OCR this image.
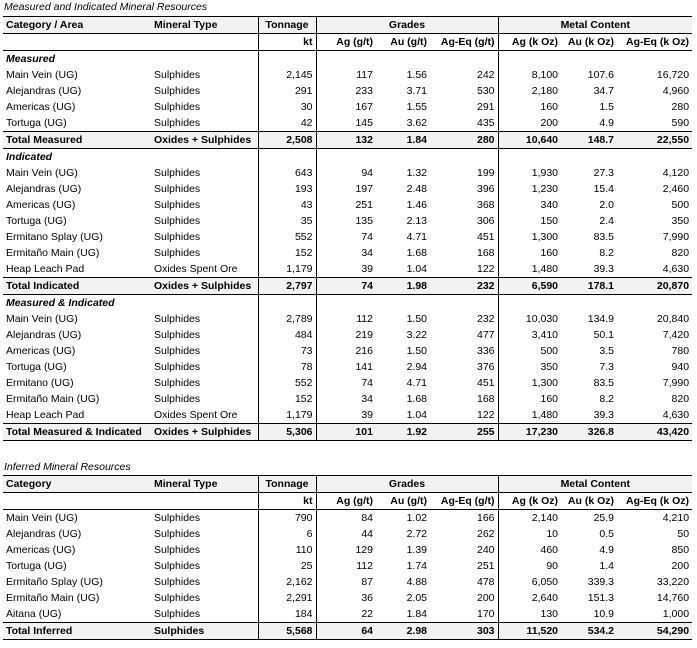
Measured and Indicated Mineral Resources
Category / Area	Mineral Type	Tonnage	Grades			Metal Content		
		kt	Ag (g/t)	Au (g/t)	Ag-Eq (g/t)	Ag (k Oz)	Au (k Oz)	Ag-Eq (k Oz)
Measured								
Main Vein (UG)	Sulphides	2,145	117	1.56	242	8,100	107.6	16,720
Alejandras (UG)	Sulphides	291	233	3.71	530	2,180	34.7	4,960
Americas (UG)	Sulphides	30	167	1.55	291	160	1.5	280
Tortuga (UG)	Sulphides	42	145	3.62	435	200	4.9	590
Total Measured	Oxides + Sulphides	2,508	132	1.84	280	10,640	148.7	22,550
Indicated								
Main Vein (UG)	Sulphides	643	94	1.32	199	1,930	27.3	4,120
Alejandras (UG)	Sulphides	193	197	2.48	396	1,230	15.4	2,460
Americas (UG)	Sulphides	43	251	1.46	368	340	2.0	500
Tortuga (UG)	Sulphides	35	135	2.13	306	150	2.4	350
Ermitano Splay (UG)	Sulphides	552	74	4.71	451	1,300	83.5	7,990
Ermitaño Main (UG)	Sulphides	152	34	1.68	168	160	8.2	820
Heap Leach Pad	Oxides Spent Ore	1,179	39	1.04	122	1,480	39.3	4,630
Total Indicated	Oxides + Sulphides	2,797	74	1.98	232	6,590	178.1	20,870
Measured & Indicated								
Main Vein (UG)	Sulphides	2,789	112	1.50	232	10,030	134.9	20,840
Alejandras (UG)	Sulphides	484	219	3.22	477	3,410	50.1	7,420
Americas (UG)	Sulphides	73	216	1.50	336	500	3.5	780
Tortuga (UG)	Sulphides	78	141	2.94	376	350	7.3	940
Ermitano (UG)	Sulphides	552	74	4.71	451	1,300	83.5	7,990
Ermitaño Main (UG)	Sulphides	152	34	1.68	168	160	8.2	820
Heap Leach Pad	Oxides Spent Ore	1,179	39	1.04	122	1,480	39.3	4,630
Total Measured & Indicated	Oxides + Sulphides	5,306	101	1.92	255	17,230	326.8	43,420
Inferred Mineral Resources
Category	Mineral Type	Tonnage	Grades			Metal Content		
		kt	Ag (g/t)	Au (g/t)	Ag-Eq (g/t)	Ag (k Oz)	Au (k Oz)	Ag-Eq (k Oz)
Main Vein (UG)	Sulphides	790	84	1.02	166	2,140	25.9	4,210
Alejandras (UG)	Sulphides	6	44	2.72	262	10	0.5	50
Americas (UG)	Sulphides	110	129	1.39	240	460	4.9	850
Tortuga (UG)	Sulphides	25	112	1.74	251	90	1.4	200
Ermitaño Splay (UG)	Sulphides	2,162	87	4.88	478	6,050	339.3	33,220
Ermitaño Main (UG)	Sulphides	2,291	36	2.05	200	2,640	151.3	14,760
Aitana (UG)	Sulphides	184	22	1.84	170	130	10.9	1,000
Total Inferred	Sulphides	5,568	64	2.98	303	11,520	534.2	54,290
